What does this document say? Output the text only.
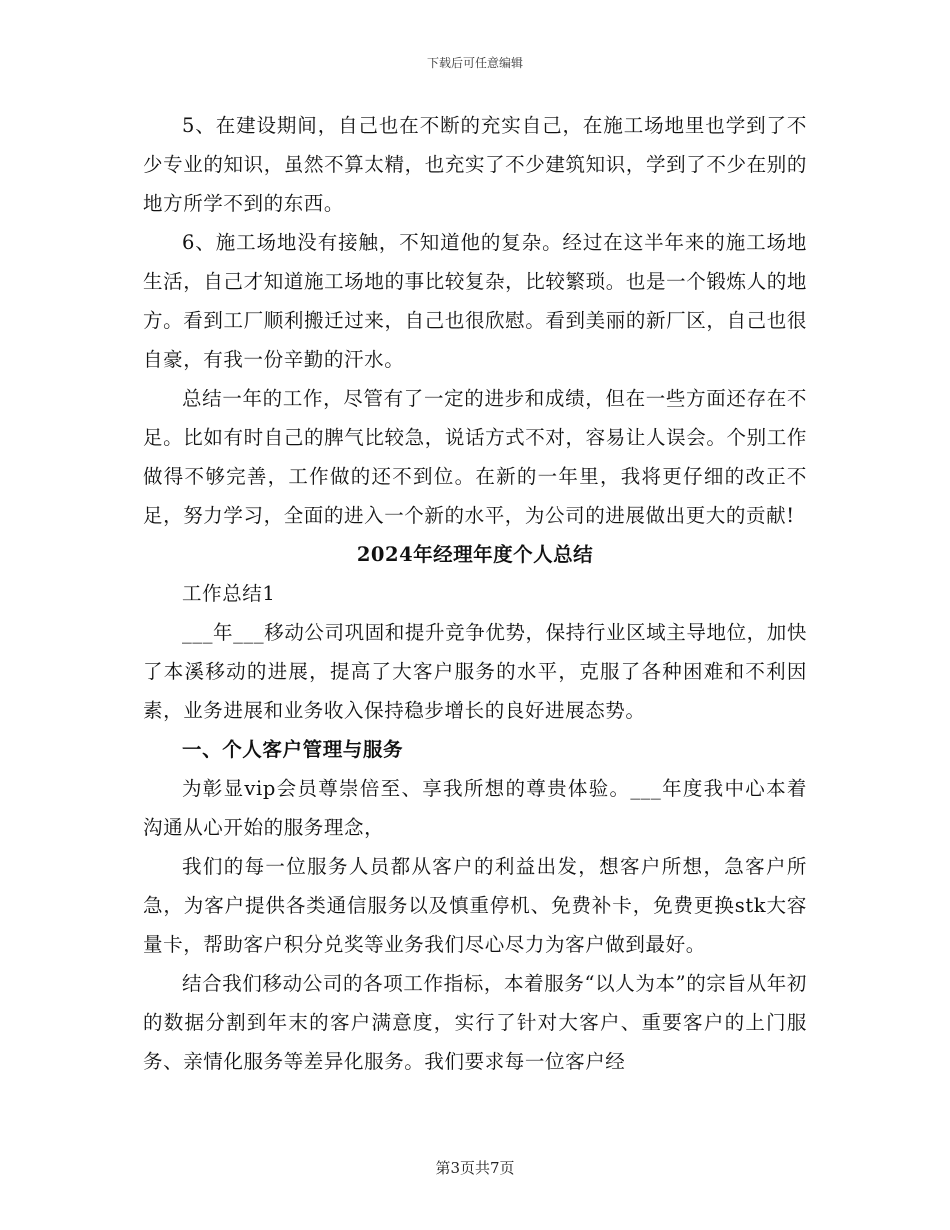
下载后可任意编辑

5、在建设期间，自己也在不断的充实自己，在施工场地里也学到了不少专业的知识，虽然不算太精，也充实了不少建筑知识，学到了不少在别的地方所学不到的东西。

6、施工场地没有接触，不知道他的复杂。经过在这半年来的施工场地生活，自己才知道施工场地的事比较复杂，比较繁琐。也是一个锻炼人的地方。看到工厂顺利搬迁过来，自己也很欣慰。看到美丽的新厂区，自己也很自豪，有我一份辛勤的汗水。

总结一年的工作，尽管有了一定的进步和成绩，但在一些方面还存在不足。比如有时自己的脾气比较急，说话方式不对，容易让人误会。个别工作做得不够完善，工作做的还不到位。在新的一年里，我将更仔细的改正不足，努力学习，全面的进入一个新的水平，为公司的进展做出更大的贡献!

2024年经理年度个人总结

工作总结1

___年___移动公司巩固和提升竞争优势，保持行业区域主导地位，加快了本溪移动的进展，提高了大客户服务的水平，克服了各种困难和不利因素，业务进展和业务收入保持稳步增长的良好进展态势。

一、个人客户管理与服务

为彰显vip会员尊崇倍至、享我所想的尊贵体验。___年度我中心本着沟通从心开始的服务理念，

我们的每一位服务人员都从客户的利益出发，想客户所想，急客户所急，为客户提供各类通信服务以及慎重停机、免费补卡，免费更换stk大容量卡，帮助客户积分兑奖等业务我们尽心尽力为客户做到最好。

结合我们移动公司的各项工作指标，本着服务“以人为本”的宗旨从年初的数据分割到年末的客户满意度，实行了针对大客户、重要客户的上门服务、亲情化服务等差异化服务。我们要求每一位客户经

第3页共7页
